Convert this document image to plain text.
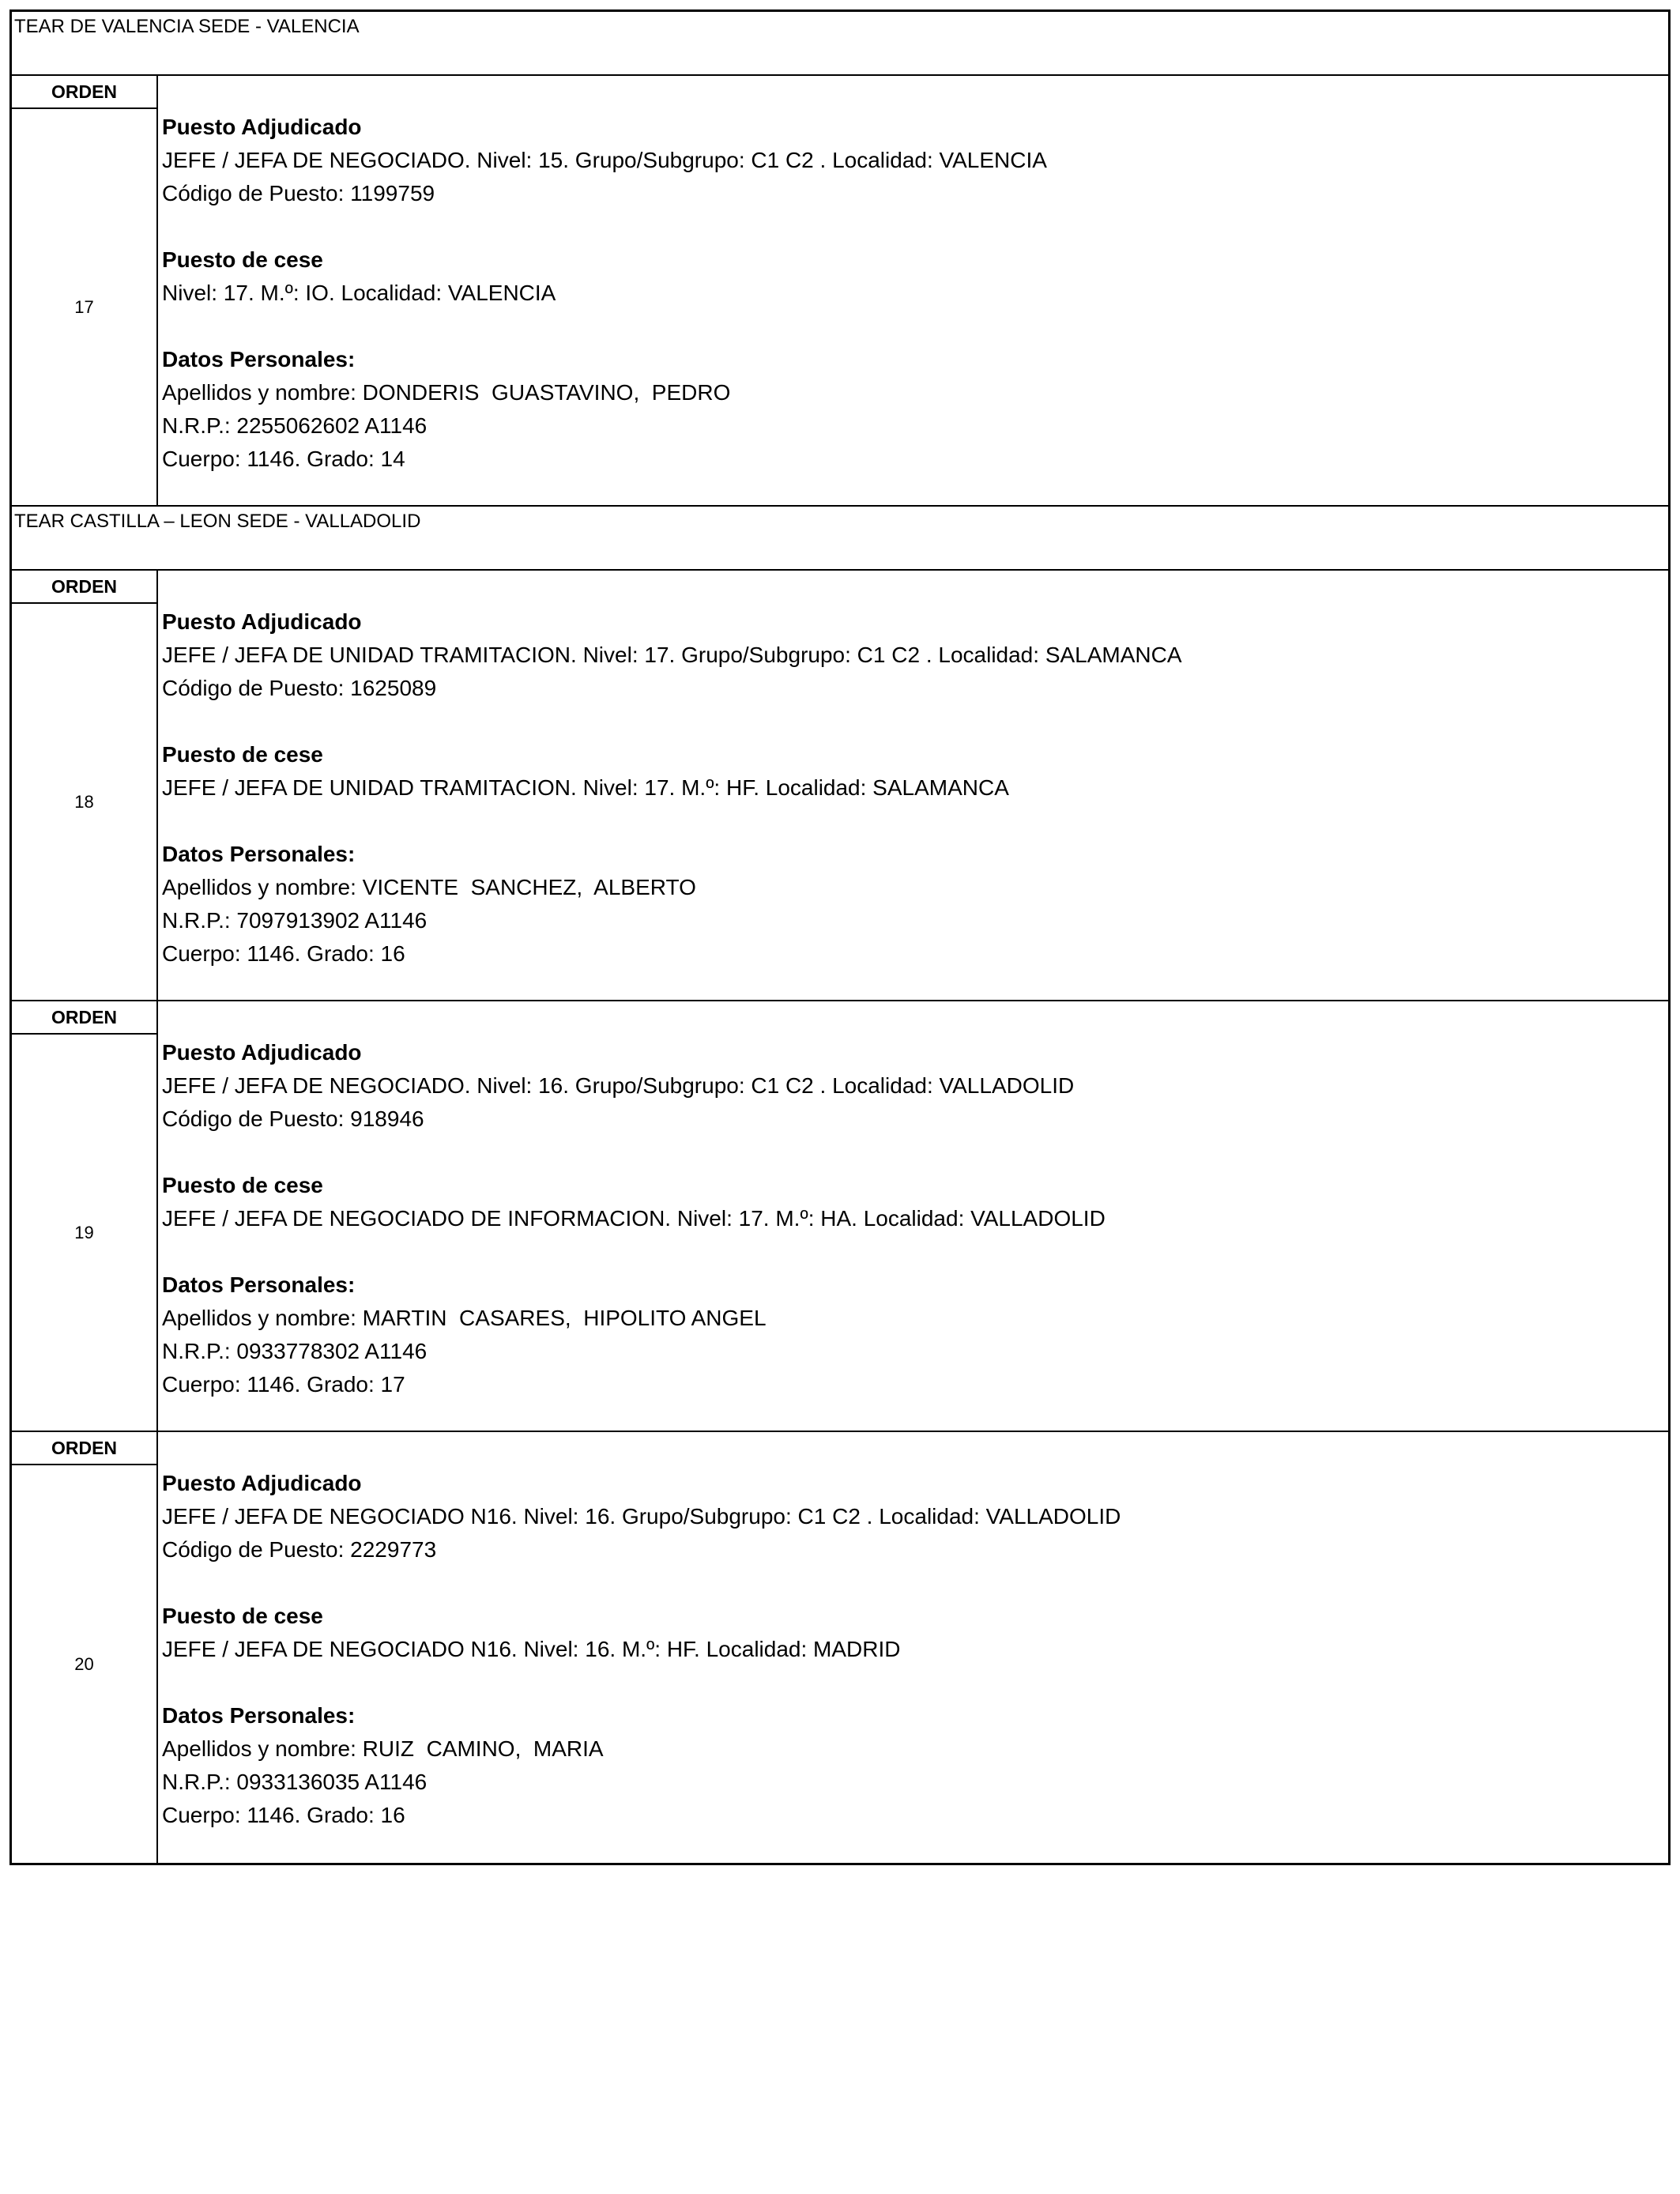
TEAR DE VALENCIA SEDE - VALENCIA
ORDEN
17
Puesto Adjudicado
JEFE / JEFA DE NEGOCIADO. Nivel: 15. Grupo/Subgrupo: C1 C2 . Localidad: VALENCIA
Código de Puesto: 1199759
Puesto de cese
Nivel: 17. M.º: IO. Localidad: VALENCIA
Datos Personales:
Apellidos y nombre: DONDERIS  GUASTAVINO,  PEDRO
N.R.P.: 2255062602 A1146
Cuerpo: 1146. Grado: 14
TEAR CASTILLA – LEON SEDE - VALLADOLID
ORDEN
18
Puesto Adjudicado
JEFE / JEFA DE UNIDAD TRAMITACION. Nivel: 17. Grupo/Subgrupo: C1 C2 . Localidad: SALAMANCA
Código de Puesto: 1625089
Puesto de cese
JEFE / JEFA DE UNIDAD TRAMITACION. Nivel: 17. M.º: HF. Localidad: SALAMANCA
Datos Personales:
Apellidos y nombre: VICENTE  SANCHEZ,  ALBERTO
N.R.P.: 7097913902 A1146
Cuerpo: 1146. Grado: 16
ORDEN
19
Puesto Adjudicado
JEFE / JEFA DE NEGOCIADO. Nivel: 16. Grupo/Subgrupo: C1 C2 . Localidad: VALLADOLID
Código de Puesto: 918946
Puesto de cese
JEFE / JEFA DE NEGOCIADO DE INFORMACION. Nivel: 17. M.º: HA. Localidad: VALLADOLID
Datos Personales:
Apellidos y nombre: MARTIN  CASARES,  HIPOLITO ANGEL
N.R.P.: 0933778302 A1146
Cuerpo: 1146. Grado: 17
ORDEN
20
Puesto Adjudicado
JEFE / JEFA DE NEGOCIADO N16. Nivel: 16. Grupo/Subgrupo: C1 C2 . Localidad: VALLADOLID
Código de Puesto: 2229773
Puesto de cese
JEFE / JEFA DE NEGOCIADO N16. Nivel: 16. M.º: HF. Localidad: MADRID
Datos Personales:
Apellidos y nombre: RUIZ  CAMINO,  MARIA
N.R.P.: 0933136035 A1146
Cuerpo: 1146. Grado: 16
